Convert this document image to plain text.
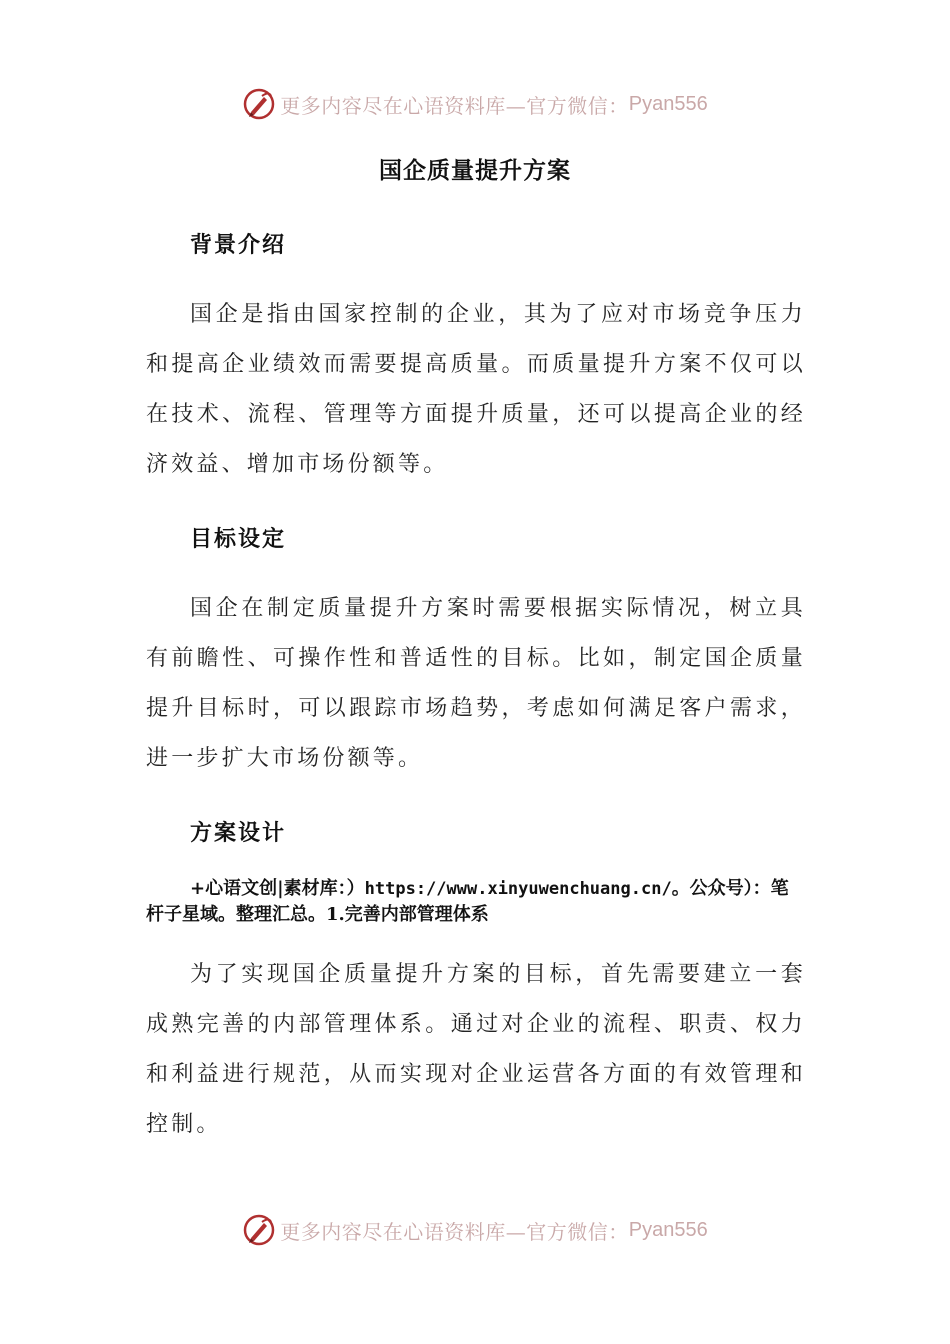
更多内容尽在心语资料库—官方微信： Pyan556
国企质量提升方案
背景介绍
国企是指由国家控制的企业，其为了应对市场竞争压力和提高企业绩效而需要提高质量。而质量提升方案不仅可以在技术、流程、管理等方面提升质量，还可以提高企业的经济效益、增加市场份额等。
目标设定
国企在制定质量提升方案时需要根据实际情况，树立具有前瞻性、可操作性和普适性的目标。比如，制定国企质量提升目标时，可以跟踪市场趋势，考虑如何满足客户需求，进一步扩大市场份额等。
方案设计
+心语文创|素材库：）https://www.xinyuwenchuang.cn/。公众号）：笔杆子星域。整理汇总。1.完善内部管理体系
为了实现国企质量提升方案的目标，首先需要建立一套成熟完善的内部管理体系。通过对企业的流程、职责、权力和利益进行规范，从而实现对企业运营各方面的有效管理和控制。
更多内容尽在心语资料库—官方微信： Pyan556
